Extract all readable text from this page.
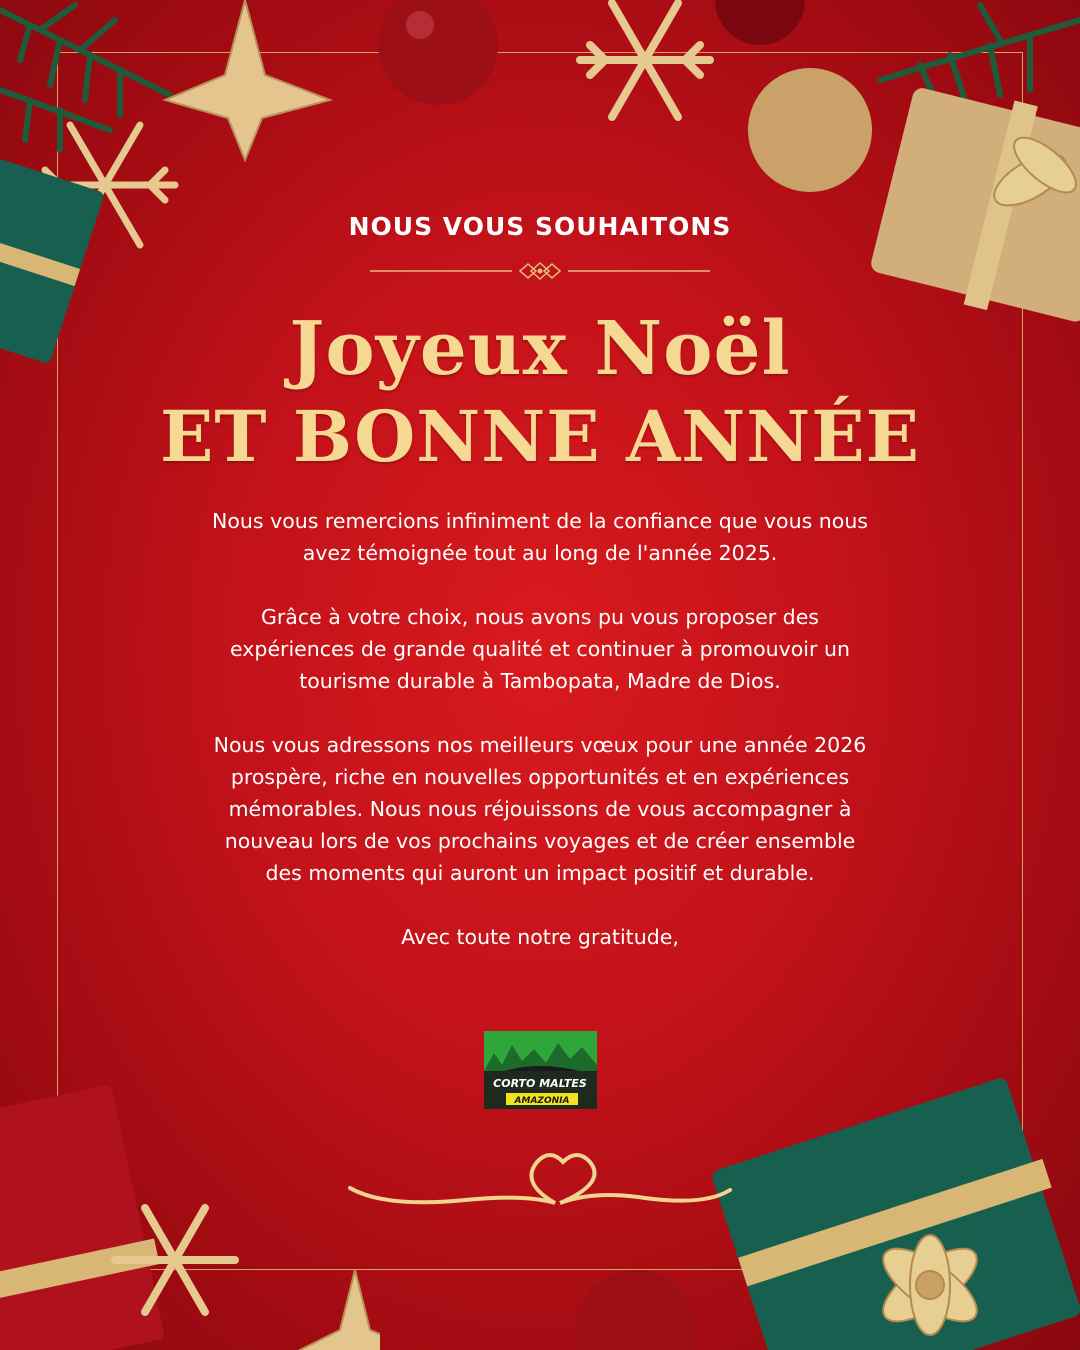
NOUS VOUS SOUHAITONS
Joyeux Noël
ET BONNE ANNÉE

Nous vous remercions infiniment de la confiance que vous nous avez témoignée tout au long de l'année 2025.

Grâce à votre choix, nous avons pu vous proposer des expériences de grande qualité et continuer à promouvoir un tourisme durable à Tambopata, Madre de Dios.

Nous vous adressons nos meilleurs vœux pour une année 2026 prospère, riche en nouvelles opportunités et en expériences mémorables. Nous nous réjouissons de vous accompagner à nouveau lors de vos prochains voyages et de créer ensemble des moments qui auront un impact positif et durable.

Avec toute notre gratitude,

CORTO MALTES
AMAZONIA
